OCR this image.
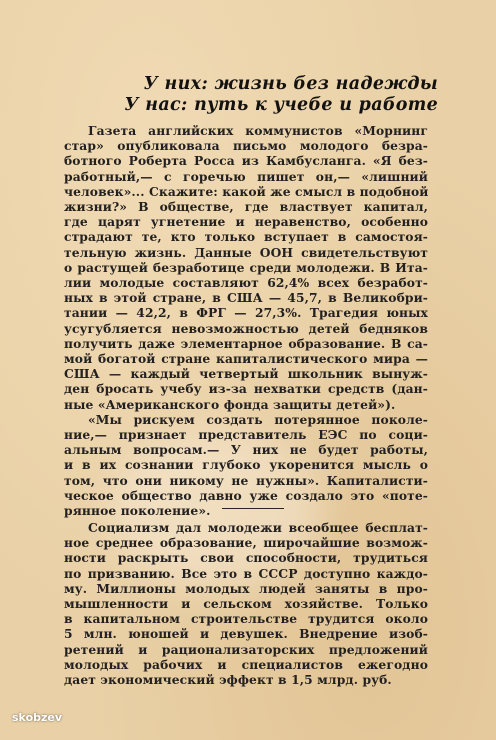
У них: жизнь без надежды
У нас: путь к учебе и работе
Газета английских коммунистов «Морнинг
стар» опубликовала письмо молодого безра-
ботного Роберта Росса из Камбусланга. «Я без-
работный,— с горечью пишет он,— «лишний
человек»... Скажите: какой же смысл в подобной
жизни?» В обществе, где властвует капитал,
где царят угнетение и неравенство, особенно
страдают те, кто только вступает в самостоя-
тельную жизнь. Данные ООН свидетельствуют
о растущей безработице среди молодежи. В Ита-
лии молодые составляют 62,4% всех безработ-
ных в этой стране, в США — 45,7, в Великобри-
тании — 42,2, в ФРГ — 27,3%. Трагедия юных
усугубляется невозможностью детей бедняков
получить даже элементарное образование. В са-
мой богатой стране капиталистического мира —
США — каждый четвертый школьник вынуж-
ден бросать учебу из-за нехватки средств (дан-
ные «Американского фонда защиты детей»).
«Мы рискуем создать потерянное поколе-
ние,— признает представитель ЕЭС по соци-
альным вопросам.— У них не будет работы,
и в их сознании глубоко укоренится мысль о
том, что они никому не нужны». Капиталисти-
ческое общество давно уже создало это «поте-
рянное поколение».
Социализм дал молодежи всеобщее бесплат-
ное среднее образование, широчайшие возмож-
ности раскрыть свои способности, трудиться
по призванию. Все это в СССР доступно каждо-
му. Миллионы молодых людей заняты в про-
мышленности и сельском хозяйстве. Только
в капитальном строительстве трудится около
5 млн. юношей и девушек. Внедрение изоб-
ретений и рационализаторских предложений
молодых рабочих и специалистов ежегодно
дает экономический эффект в 1,5 млрд. руб.
skobzev
